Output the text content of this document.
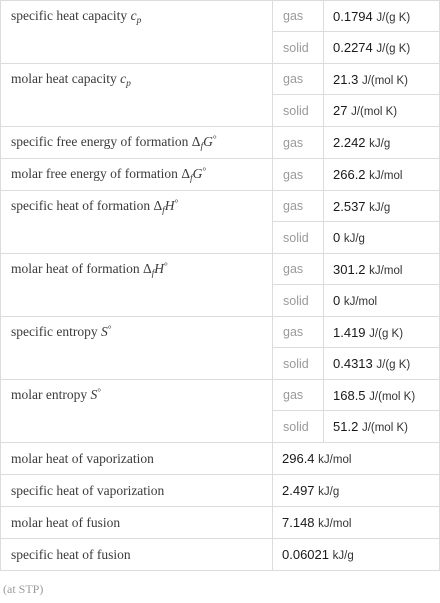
specific heat capacity $c_p$	gas	0.1794 J/(g K)
	solid	0.2274 J/(g K)
molar heat capacity $c_p$	gas	21.3 J/(mol K)
	solid	27 J/(mol K)
specific free energy of formation $\Delta_fG^\circ$	gas	2.242 kJ/g
molar free energy of formation $\Delta_fG^\circ$	gas	266.2 kJ/mol
specific heat of formation $\Delta_fH^\circ$	gas	2.537 kJ/g
	solid	0 kJ/g
molar heat of formation $\Delta_fH^\circ$	gas	301.2 kJ/mol
	solid	0 kJ/mol
specific entropy S°	gas	1.419 J/(g K)
	solid	0.4313 J/(g K)
molar entropy S°	gas	168.5 J/(mol K)
	solid	51.2 J/(mol K)
molar heat of vaporization	296.4 kJ/mol	
specific heat of vaporization	2.497 kJ/g	
molar heat of fusion	7.148 kJ/mol	
specific heat of fusion	0.06021 kJ/g	
(at STP)
